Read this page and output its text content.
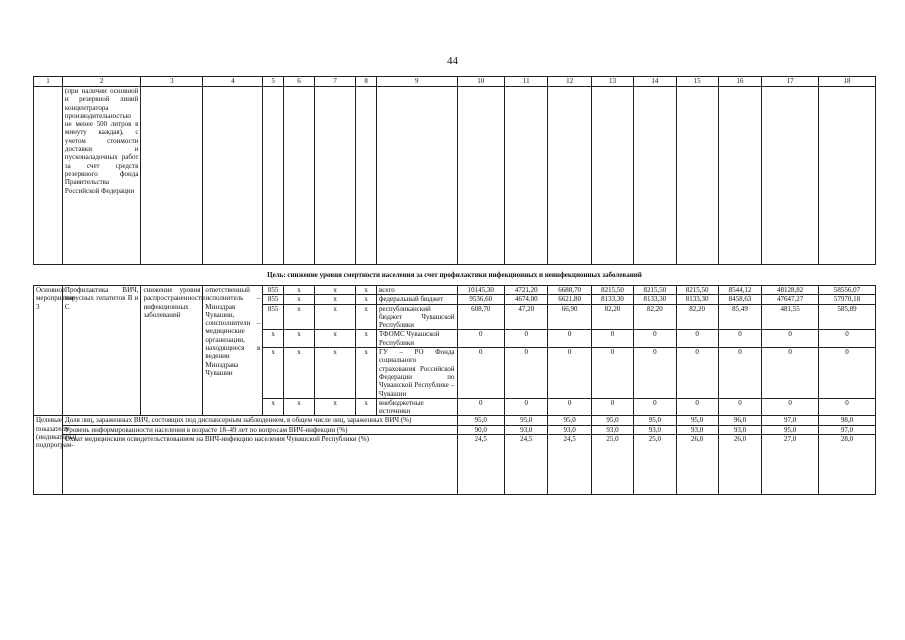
44
1	2	3	4	5	6	7	8	9	10	11	12	13	14	15	16	17	18
	(при наличии основной и резервной линий концентратора производительностью не менее 500 литров в минуту каждая), с учетом стоимости доставки и пусконаладочных работ за счет средств резервного фонда Правительства Российской Федерации																
Цель: снижение уровня смертности населения за счет профилактики инфекционных и неинфекционных заболеваний																	
Основное мероприятие 3	Профилактика ВИЧ, вирусных гепатитов В и С	снижение уровня распространенности инфекционных заболеваний	ответственный исполнитель – Минздрав Чувашии, соисполнители – медицинские организации, находящиеся в ведении Минздрава Чувашии	855	х	х	х	всего	10145,30	4721,20	6688,70	8215,50	8215,50	8215,50	8544,12	48128,82	58556,07
				855	х	х	х	федеральный бюджет	9536,60	4674,00	6621,80	8133,30	8133,30	8133,30	8458,63	47647,27	57970,18
				855	х	х	х	республиканский бюджет Чувашской Республики	608,70	47,20	66,90	82,20	82,20	82,20	85,49	481,55	585,89
				х	х	х	х	ТФОМС Чувашской Республики	0	0	0	0	0	0	0	0	0
				х	х	х	х	ГУ – РО Фонда социального страхования Российской Федерации по Чувашской Республике – Чувашии	0	0	0	0	0	0	0	0	0
				х	х	х	х	внебюджетные источники	0	0	0	0	0	0	0	0	0
Целевые показатели (индикаторы) подпрограм-	Доля лиц, зараженных ВИЧ, состоящих под диспансерным наблюдением, в общем числе лиц, зараженных ВИЧ (%)								95,0	95,0	95,0	95,0	95,0	95,0	96,0	97,0	98,0
	Уровень информированности населения в возрасте 18–49 лет по вопросам ВИЧ-инфекции (%)								90,0	93,0	93,0	93,0	93,0	93,0	93,0	95,0	97,0
	Охват медицинским освидетельствованием на ВИЧ-инфекцию населения Чувашской Республики (%)								24,5	24,5	24,5	25,0	25,0	26,0	26,0	27,0	28,0
